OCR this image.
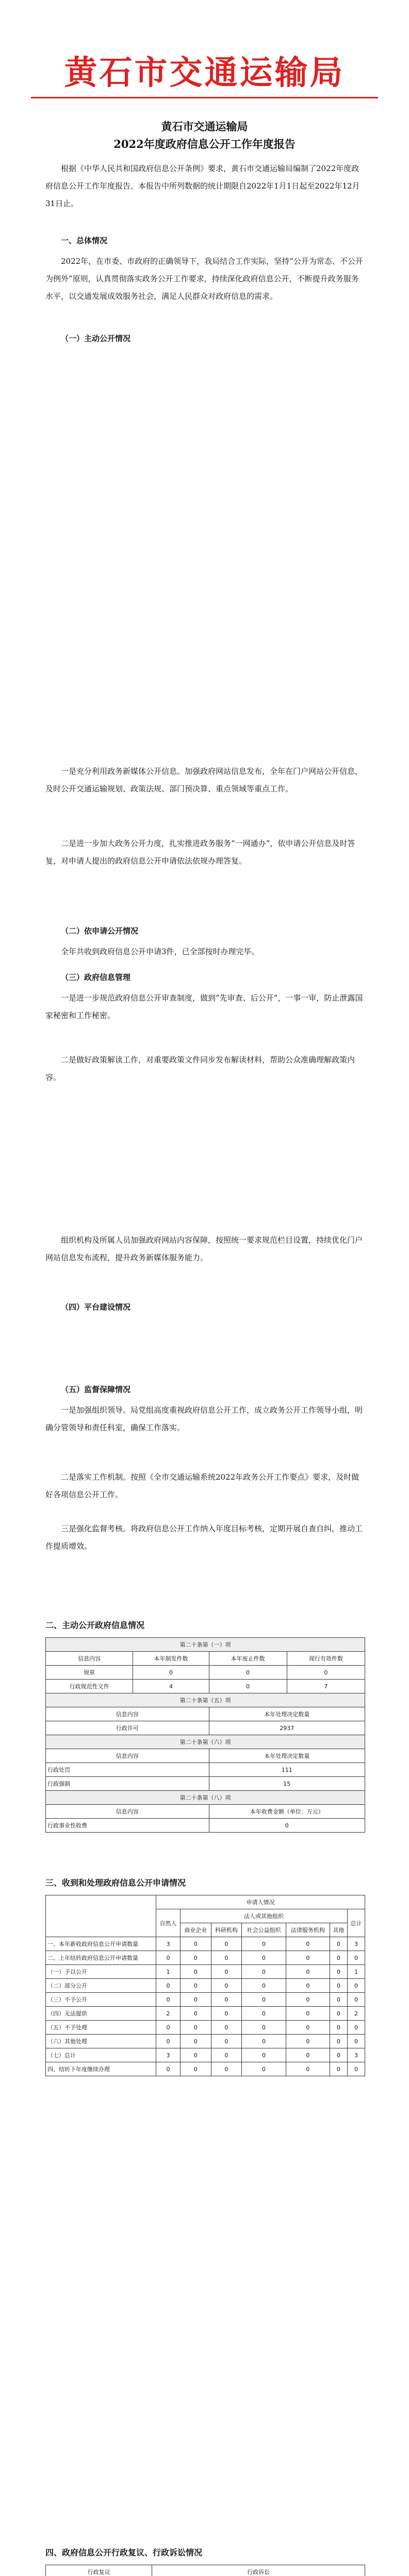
黄石市交通运输局
黄石市交通运输局
2022年度政府信息公开工作年度报告

根据《中华人民共和国政府信息公开条例》要求，黄石市交通运输局编制了2022年度政府信息公开工作年度报告。本报告中所列数据的统计期限自2022年1月1日起至2022年12月31日止。

一、总体情况

2022年，在市委、市政府的正确领导下，我局结合工作实际，坚持“公开为常态、不公开为例外”原则，认真贯彻落实政务公开工作要求，持续深化政府信息公开，不断提升政务服务水平，以交通发展成效服务社会，满足人民群众对政府信息的需求。

（一）主动公开情况

一是充分利用政务新媒体公开信息。加强政府网站信息发布，全年在门户网站公开信息，及时公开交通运输规划、政策法规、部门预决算、重点领域等重点工作。

二是进一步加大政务公开力度，扎实推进政务服务“一网通办”，依申请公开信息及时答复，对申请人提出的政府信息公开申请依法依规办理答复。

（二）依申请公开情况

全年共收到政府信息公开申请3件，已全部按时办理完毕。

（三）政府信息管理

一是进一步规范政府信息公开审查制度，做到“先审查、后公开”，一事一审，防止泄露国家秘密和工作秘密。

二是做好政策解读工作，对重要政策文件同步发布解读材料，帮助公众准确理解政策内容。

组织机构及所属人员加强政府网站内容保障，按照统一要求规范栏目设置，持续优化门户网站信息发布流程，提升政务新媒体服务能力。

（四）平台建设情况

（五）监督保障情况

一是加强组织领导。局党组高度重视政府信息公开工作，成立政务公开工作领导小组，明确分管领导和责任科室，确保工作落实。

二是落实工作机制。按照《全市交通运输系统2022年政务公开工作要点》要求，及时做好各项信息公开工作。

三是强化监督考核。将政府信息公开工作纳入年度目标考核，定期开展自查自纠，推动工作提质增效。

二、主动公开政府信息情况

第二十条第（一）项			
信息内容	本年制发件数	本年废止件数	现行有效件数
规章	0	0	0
行政规范性文件	4	0	7
第二十条第（五）项			
信息内容		本年处理决定数量	
行政许可		2937	
第二十条第（六）项			
信息内容		本年处理决定数量	
行政处罚		111	
行政强制		15	
第二十条第（八）项			
信息内容		本年收费金额（单位：万元）	
行政事业性收费		0	

三、收到和处理政府信息公开申请情况

	申请人情况						
	自然人	法人或其他组织					总计
		商业企业	科研机构	社会公益组织	法律服务机构	其他	
一、本年新收政府信息公开申请数量	3	0	0	0	0	0	3
二、上年结转政府信息公开申请数量	0	0	0	0	0	0	0
（一）予以公开	1	0	0	0	0	0	1
（二）部分公开	0	0	0	0	0	0	0
（三）不予公开	0	0	0	0	0	0	0
（四）无法提供	2	0	0	0	0	0	2
（五）不予处理	0	0	0	0	0	0	0
（六）其他处理	0	0	0	0	0	0	0
（七）总计	3	0	0	0	0	0	3
四、结转下年度继续办理	0	0	0	0	0	0	0

四、政府信息公开行政复议、行政诉讼情况

行政复议					行政诉讼									
